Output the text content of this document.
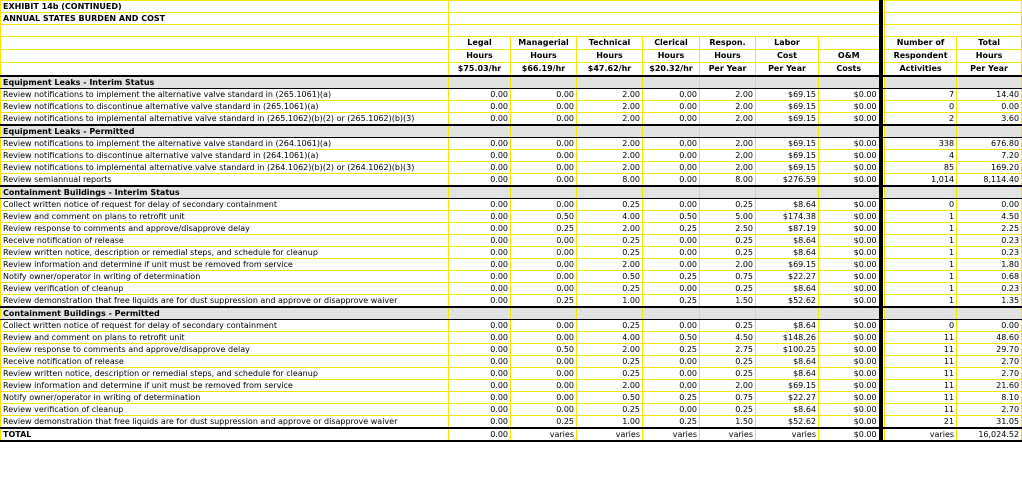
EXHIBIT 14b (CONTINUED)										
ANNUAL STATES BURDEN AND COST										

	Legal	Managerial	Technical	Clerical	Respon.	Labor			Number of	Total
	Hours	Hours	Hours	Hours	Hours	Cost	O&M		Respondent	Hours
	$75.03/hr	$66.19/hr	$47.62/hr	$20.32/hr	Per Year	Per Year	Costs		Activities	Per Year
Equipment Leaks - Interim Status										
Review notifications to implement the alternative valve standard in (265.1061)(a)	0.00	0.00	2.00	0.00	2.00	$69.15	$0.00		7	14.40
Review notifications to discontinue alternative valve standard in (265.1061)(a)	0.00	0.00	2.00	0.00	2.00	$69.15	$0.00		0	0.00
Review notifications to implemental alternative valve standard in (265.1062)(b)(2) or (265.1062)(b)(3)	0.00	0.00	2.00	0.00	2.00	$69.15	$0.00		2	3.60
Equipment Leaks - Permitted										
Review notifications to implement the alternative valve standard in (264.1061)(a)	0.00	0.00	2.00	0.00	2.00	$69.15	$0.00		338	676.80
Review notifications to discontinue alternative valve standard in (264.1061)(a)	0.00	0.00	2.00	0.00	2.00	$69.15	$0.00		4	7.20
Review notifications to implemental alternative valve standard in (264.1062)(b)(2) or (264.1062)(b)(3)	0.00	0.00	2.00	0.00	2.00	$69.15	$0.00		85	169.20
Review semiannual reports	0.00	0.00	8.00	0.00	8.00	$276.59	$0.00		1,014	8,114.40
Containment Buildings - Interim Status										
Collect written notice of request for delay of secondary containment	0.00	0.00	0.25	0.00	0.25	$8.64	$0.00		0	0.00
Review and comment on plans to retrofit unit	0.00	0.50	4.00	0.50	5.00	$174.38	$0.00		1	4.50
Review response to comments and approve/disapprove delay	0.00	0.25	2.00	0.25	2.50	$87.19	$0.00		1	2.25
Receive notification of release	0.00	0.00	0.25	0.00	0.25	$8.64	$0.00		1	0.23
Review written notice, description or remedial steps, and schedule for cleanup	0.00	0.00	0.25	0.00	0.25	$8.64	$0.00		1	0.23
Review information and determine if unit must be removed from service	0.00	0.00	2.00	0.00	2.00	$69.15	$0.00		1	1.80
Notify owner/operator in writing of determination	0.00	0.00	0.50	0.25	0.75	$22.27	$0.00		1	0.68
Review verification of cleanup	0.00	0.00	0.25	0.00	0.25	$8.64	$0.00		1	0.23
Review demonstration that free liquids are for dust suppression and approve or disapprove waiver	0.00	0.25	1.00	0.25	1.50	$52.62	$0.00		1	1.35
Containment Buildings - Permitted										
Collect written notice of request for delay of secondary containment	0.00	0.00	0.25	0.00	0.25	$8.64	$0.00		0	0.00
Review and comment on plans to retrofit unit	0.00	0.00	4.00	0.50	4.50	$148.26	$0.00		11	48.60
Review response to comments and approve/disapprove delay	0.00	0.50	2.00	0.25	2.75	$100.25	$0.00		11	29.70
Receive notification of release	0.00	0.00	0.25	0.00	0.25	$8.64	$0.00		11	2.70
Review written notice, description or remedial steps, and schedule for cleanup	0.00	0.00	0.25	0.00	0.25	$8.64	$0.00		11	2.70
Review information and determine if unit must be removed from service	0.00	0.00	2.00	0.00	2.00	$69.15	$0.00		11	21.60
Notify owner/operator in writing of determination	0.00	0.00	0.50	0.25	0.75	$22.27	$0.00		11	8.10
Review verification of cleanup	0.00	0.00	0.25	0.00	0.25	$8.64	$0.00		11	2.70
Review demonstration that free liquids are for dust suppression and approve or disapprove waiver	0.00	0.25	1.00	0.25	1.50	$52.62	$0.00		21	31.05
TOTAL	0.00	varies	varies	varies	varies	varies	$0.00		varies	16,024.52
